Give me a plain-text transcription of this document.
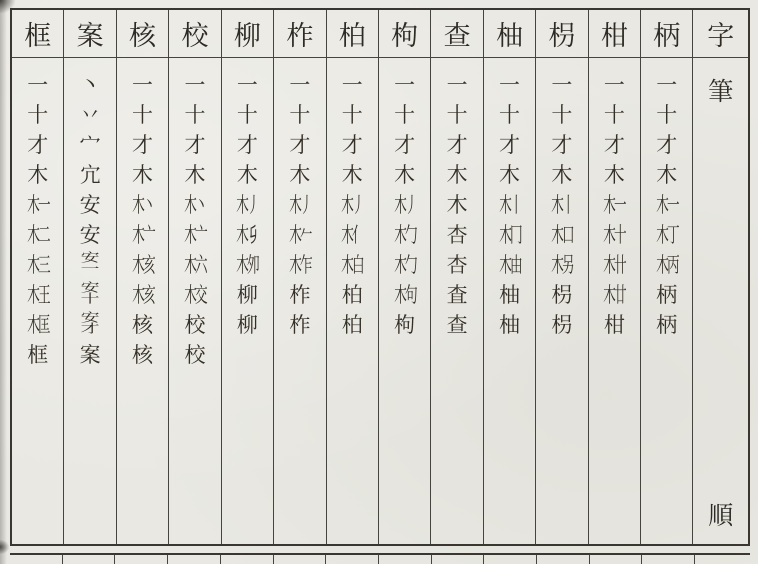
框
一
十
才
木
木一
木二
木三
木王
木匡
框
案
丶
丷
宀
宂
安
安
安
一
安
十
安
才
案
核
一
十
才
木
木丶
木亠
木亥
木亥
核
核
校
一
十
才
木
木丶
木亠
木六
木交
校
校
柳
一
十
才
木
木丿
木𠂎
木夘
柳
柳
柞
一
十
才
木
木丿
木𠂉
木乍
柞
柞
柏
一
十
才
木
木丿
木亻
木白
柏
柏
枸
一
十
才
木
木丿
木勹
木勹
木句
枸
查
一
十
才
木
木
杏
杏
査
查
柚
一
十
才
木
木丨
木冂
木由
柚
柚
枴
一
十
才
木
木丨
木口
木另
枴
枴
柑
一
十
才
木
木一
木十
木卄
木廿
柑
柄
一
十
才
木
木一
木丁
木丙
柄
柄
字
筆
順
